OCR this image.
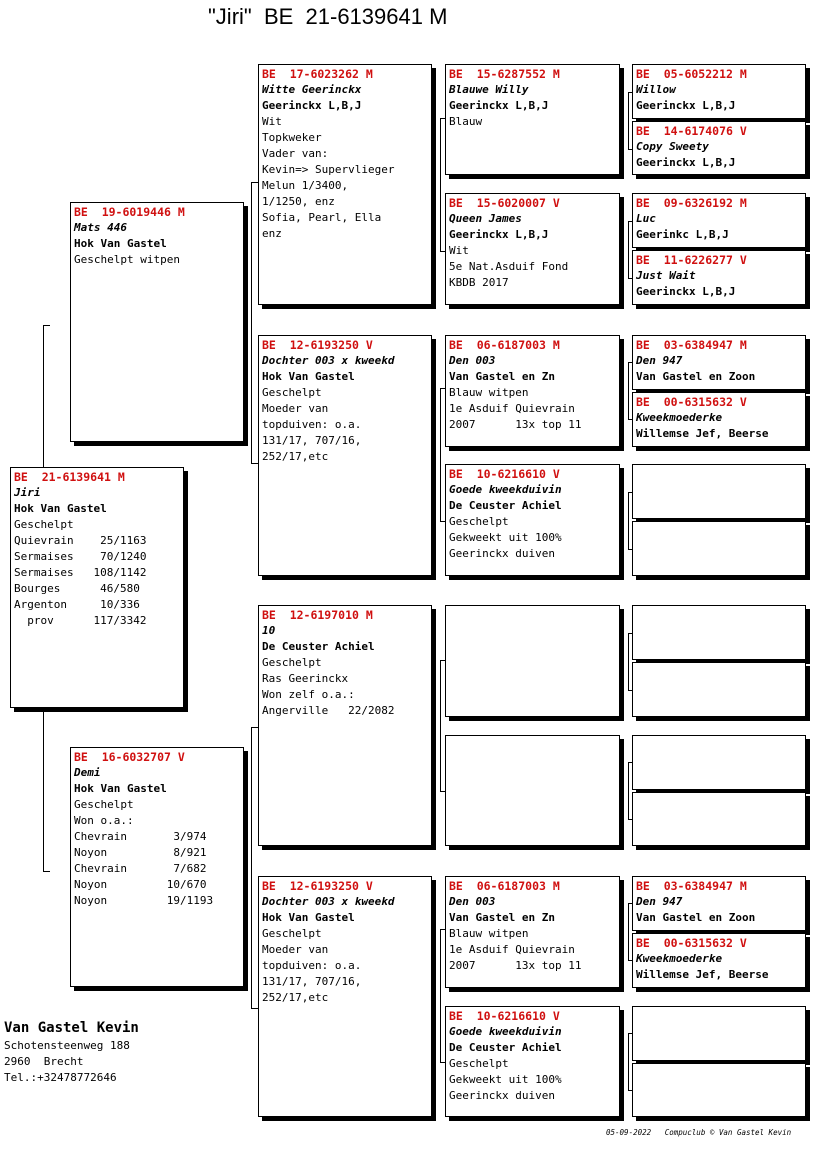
"Jiri"  BE  21-6139641 M
BE  21-6139641 M
Jiri
Hok Van Gastel
Geschelpt
Quievrain    25/1163
Sermaises    70/1240
Sermaises   108/1142
Bourges      46/580
Argenton     10/336
prov      117/3342
BE  19-6019446 M
Mats 446
Hok Van Gastel
Geschelpt witpen
BE  16-6032707 V
Demi
Hok Van Gastel
Geschelpt
Won o.a.:
Chevrain       3/974
Noyon          8/921
Chevrain       7/682
Noyon         10/670
Noyon         19/1193
BE  17-6023262 M
Witte Geerinckx
Geerinckx L,B,J
Wit
Topkweker
Vader van:
Kevin=> Supervlieger
Melun 1/3400,
1/1250, enz
Sofia, Pearl, Ella
enz
BE  12-6193250 V
Dochter 003 x kweekd
Hok Van Gastel
Geschelpt
Moeder van
topduiven: o.a.
131/17, 707/16,
252/17,etc
BE  12-6197010 M
10
De Ceuster Achiel
Geschelpt
Ras Geerinckx
Won zelf o.a.:
Angerville   22/2082
BE  12-6193250 V
Dochter 003 x kweekd
Hok Van Gastel
Geschelpt
Moeder van
topduiven: o.a.
131/17, 707/16,
252/17,etc
BE  15-6287552 M
Blauwe Willy
Geerinckx L,B,J
Blauw
BE  15-6020007 V
Queen James
Geerinckx L,B,J
Wit
5e Nat.Asduif Fond
KBDB 2017
BE  06-6187003 M
Den 003
Van Gastel en Zn
Blauw witpen
1e Asduif Quievrain
2007      13x top 11
BE  10-6216610 V
Goede kweekduivin
De Ceuster Achiel
Geschelpt
Gekweekt uit 100%
Geerinckx duiven
BE  06-6187003 M
Den 003
Van Gastel en Zn
Blauw witpen
1e Asduif Quievrain
2007      13x top 11
BE  10-6216610 V
Goede kweekduivin
De Ceuster Achiel
Geschelpt
Gekweekt uit 100%
Geerinckx duiven
BE  05-6052212 M
Willow
Geerinckx L,B,J
BE  14-6174076 V
Copy Sweety
Geerinckx L,B,J
BE  09-6326192 M
Luc
Geerinkc L,B,J
BE  11-6226277 V
Just Wait
Geerinckx L,B,J
BE  03-6384947 M
Den 947
Van Gastel en Zoon
BE  00-6315632 V
Kweekmoederke
Willemse Jef, Beerse
BE  03-6384947 M
Den 947
Van Gastel en Zoon
BE  00-6315632 V
Kweekmoederke
Willemse Jef, Beerse
Van Gastel Kevin
Schotensteenweg 188
2960  Brecht
Tel.:+32478772646
05-09-2022   Compuclub © Van Gastel Kevin
